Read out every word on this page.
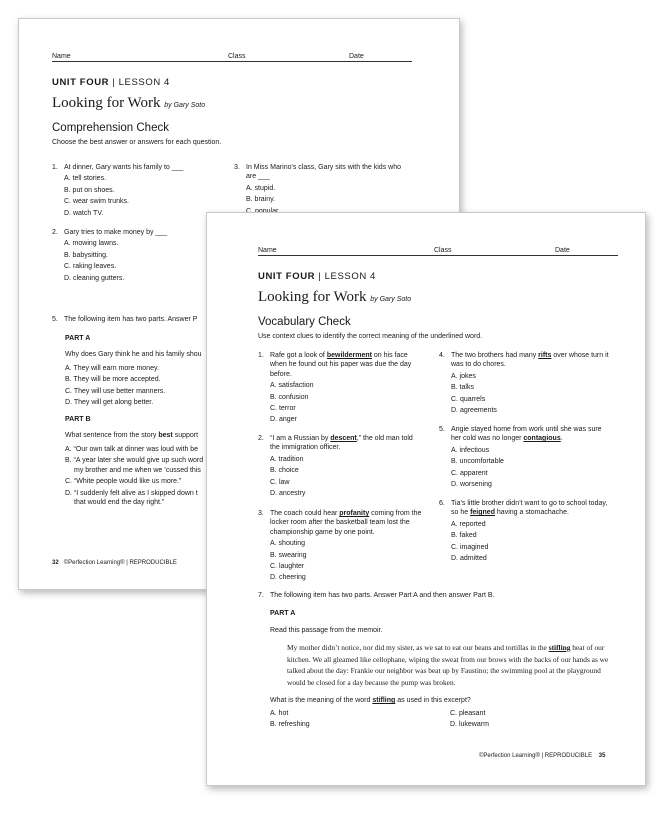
Name	Class	Date
UNIT FOUR | LESSON 4
Looking for Work by Gary Soto
Comprehension Check
Choose the best answer or answers for each question.
1. At dinner, Gary wants his family to ___
A. tell stories.
B. put on shoes.
C. wear swim trunks.
D. watch TV.
3. In Miss Marino's class, Gary sits with the kids who are ___
A. stupid.
B. brainy.
2. Gary tries to make money by ___
A. mowing lawns.
B. babysitting.
C. raking leaves.
D. cleaning gutters.
5. The following item has two parts. Answer P
PART A
Why does Gary think he and his family shou
A. They will earn more money.
B. They will be more accepted.
C. They will use better manners.
D. They will get along better.
PART B
What sentence from the story best support
A. “Our own talk at dinner was loud with be
B. “A year later she would give up such word
my brother and me when we ’cussed this
C. “White people would like us more.”
D. “I suddenly felt alive as I skipped down t
that would end the day right.”
32 ©Perfection Learning® | REPRODUCIBLE
Name	Class	Date
UNIT FOUR | LESSON 4
Looking for Work by Gary Soto
Vocabulary Check
Use context clues to identify the correct meaning of the underlined word.
1. Rafe got a look of bewilderment on his face when he found out his paper was due the day before.
A. satisfaction
B. confusion
C. terror
D. anger
2. “I am a Russian by descent,” the old man told the immigration officer.
A. tradition
B. choice
C. law
D. ancestry
3. The coach could hear profanity coming from the locker room after the basketball team lost the championship game by one point.
A. shouting
B. swearing
C. laughter
D. cheering
4. The two brothers had many rifts over whose turn it was to do chores.
A. jokes
B. talks
C. quarrels
D. agreements
5. Angie stayed home from work until she was sure her cold was no longer contagious.
A. infectious
B. uncomfortable
C. apparent
D. worsening
6. Tia’s little brother didn’t want to go to school today, so he feigned having a stomachache.
A. reported
B. faked
C. imagined
D. admitted
7. The following item has two parts. Answer Part A and then answer Part B.
PART A
Read this passage from the memoir.
My mother didn’t notice, nor did my sister, as we sat to eat our beans and tortillas in the stifling heat of our kitchen. We all gleamed like cellophane, wiping the sweat from our brows with the backs of our hands as we talked about the day: Frankie our neighbor was beat up by Faustino; the swimming pool at the playground would be closed for a day because the pump was broken.
What is the meaning of the word stifling as used in this excerpt?
A. hot
B. refreshing
C. pleasant
D. lukewarm
©Perfection Learning® | REPRODUCIBLE 35
